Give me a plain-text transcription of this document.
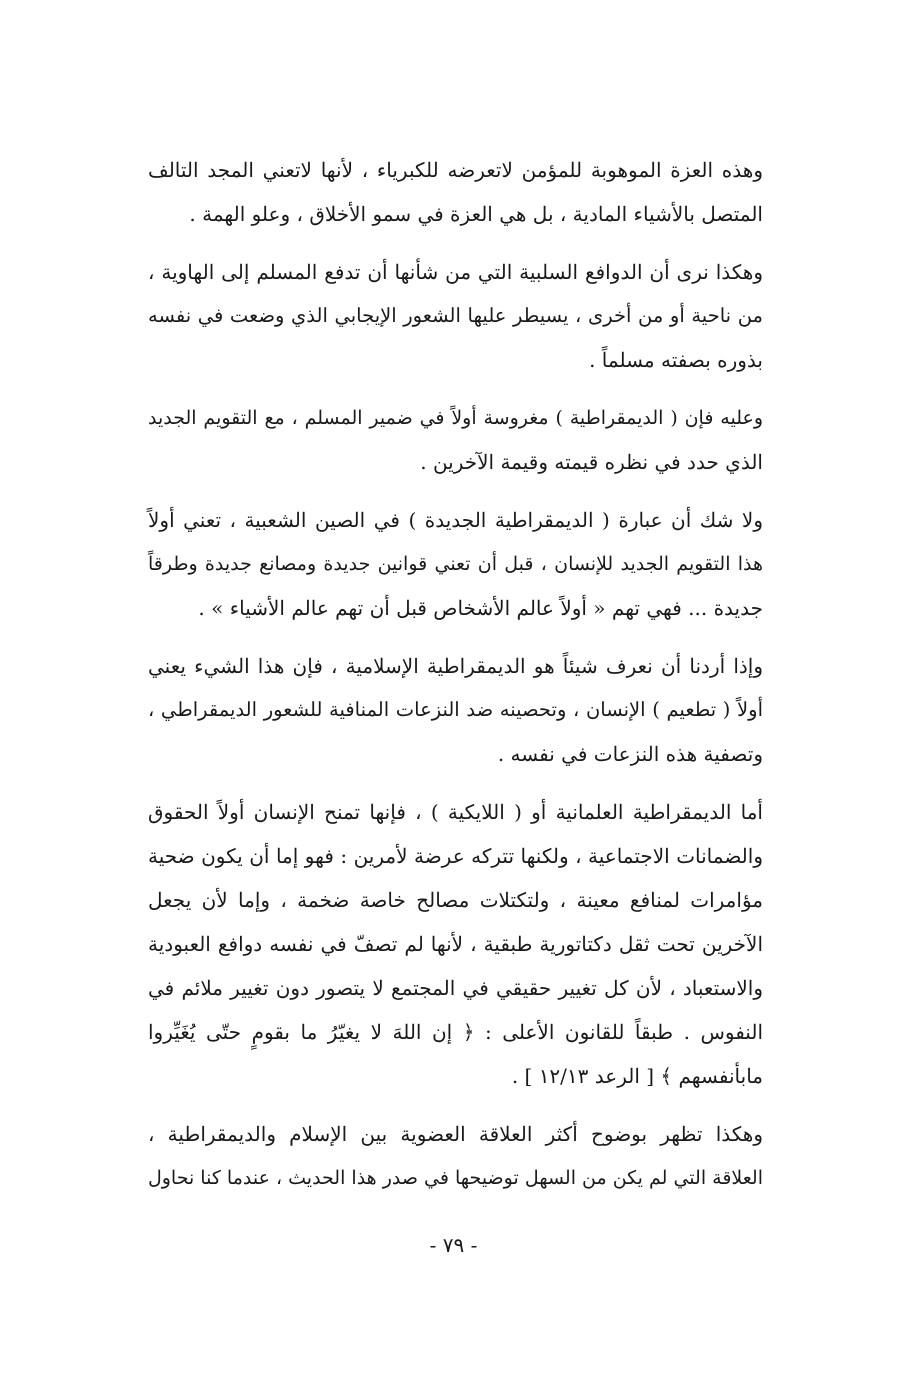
وهذه العزة الموهوبة للمؤمن لاتعرضه للكبرياء ، لأنها لاتعني المجد التالف
المتصل بالأشياء المادية ، بل هي العزة في سمو الأخلاق ، وعلو الهمة .

وهكذا نرى أن الدوافع السلبية التي من شأنها أن تدفع المسلم إلى الهاوية ،
من ناحية أو من أخرى ، يسيطر عليها الشعور الإيجابي الذي وضعت في نفسه
بذوره بصفته مسلماً .

وعليه فإن ( الديمقراطية ) مغروسة أولاً في ضمير المسلم ، مع التقويم الجديد
الذي حدد في نظره قيمته وقيمة الآخرين .

ولا شك أن عبارة ( الديمقراطية الجديدة ) في الصين الشعبية ، تعني أولاً
هذا التقويم الجديد للإنسان ، قبل أن تعني قوانين جديدة ومصانع جديدة وطرقاً
جديدة ... فهي تهم « أولاً عالم الأشخاص قبل أن تهم عالم الأشياء » .

وإذا أردنا أن نعرف شيئاً هو الديمقراطية الإسلامية ، فإن هذا الشيء يعني
أولاً ( تطعيم ) الإنسان ، وتحصينه ضد النزعات المنافية للشعور الديمقراطي ،
وتصفية هذه النزعات في نفسه .

أما الديمقراطية العلمانية أو ( اللايكية ) ، فإنها تمنح الإنسان أولاً الحقوق
والضمانات الاجتماعية ، ولكنها تتركه عرضة لأمرين : فهو إما أن يكون ضحية
مؤامرات لمنافع معينة ، ولتكتلات مصالح خاصة ضخمة ، وإما لأن يجعل
الآخرين تحت ثقل دكتاتورية طبقية ، لأنها لم تصفّ في نفسه دوافع العبودية
والاستعباد ، لأن كل تغيير حقيقي في المجتمع لا يتصور دون تغيير ملائم في
النفوس . طبقاً للقانون الأعلى : ﴿ إن اللهَ لا يغيّرُ ما بقومٍ حتّى يُغَيِّروا
مابأنفسهم ﴾ [ الرعد ١٢/١٣ ] .

وهكذا تظهر بوضوح أكثر العلاقة العضوية بين الإسلام والديمقراطية ،
العلاقة التي لم يكن من السهل توضيحها في صدر هذا الحديث ، عندما كنا نحاول

- ٧٩ -
